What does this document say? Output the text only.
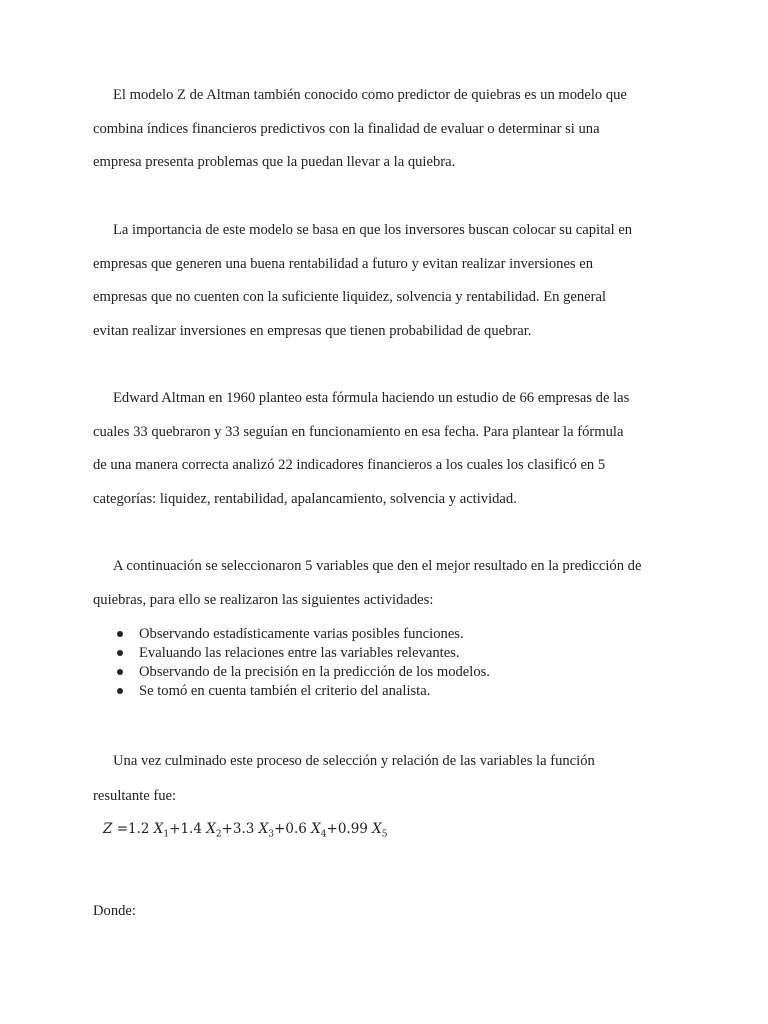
El modelo Z de Altman también conocido como predictor de quiebras es un modelo que
combina índices financieros predictivos con la finalidad de evaluar o determinar si una
empresa presenta problemas que la puedan llevar a la quiebra.
La importancia de este modelo se basa en que los inversores buscan colocar su capital en
empresas que generen una buena rentabilidad a futuro y evitan realizar inversiones en
empresas que no cuenten con la suficiente liquidez, solvencia y rentabilidad. En general
evitan realizar inversiones en empresas que tienen probabilidad de quebrar.
Edward Altman en 1960 planteo esta fórmula haciendo un estudio de 66 empresas de las
cuales 33 quebraron y 33 seguían en funcionamiento en esa fecha. Para plantear la fórmula
de una manera correcta analizó 22 indicadores financieros a los cuales los clasificó en 5
categorías: liquidez, rentabilidad, apalancamiento, solvencia y actividad.
A continuación se seleccionaron 5 variables que den el mejor resultado en la predicción de
quiebras, para ello se realizaron las siguientes actividades:
Observando estadísticamente varias posibles funciones.
Evaluando las relaciones entre las variables relevantes.
Observando de la precisión en la predicción de los modelos.
Se tomó en cuenta también el criterio del analista.
Una vez culminado este proceso de selección y relación de las variables la función
resultante fue:
Z =1.2 $X_1+1.4$ $X_2+3.3$ $X_3+0.6$ $X_4+0.99$ $X_5$
Donde:
